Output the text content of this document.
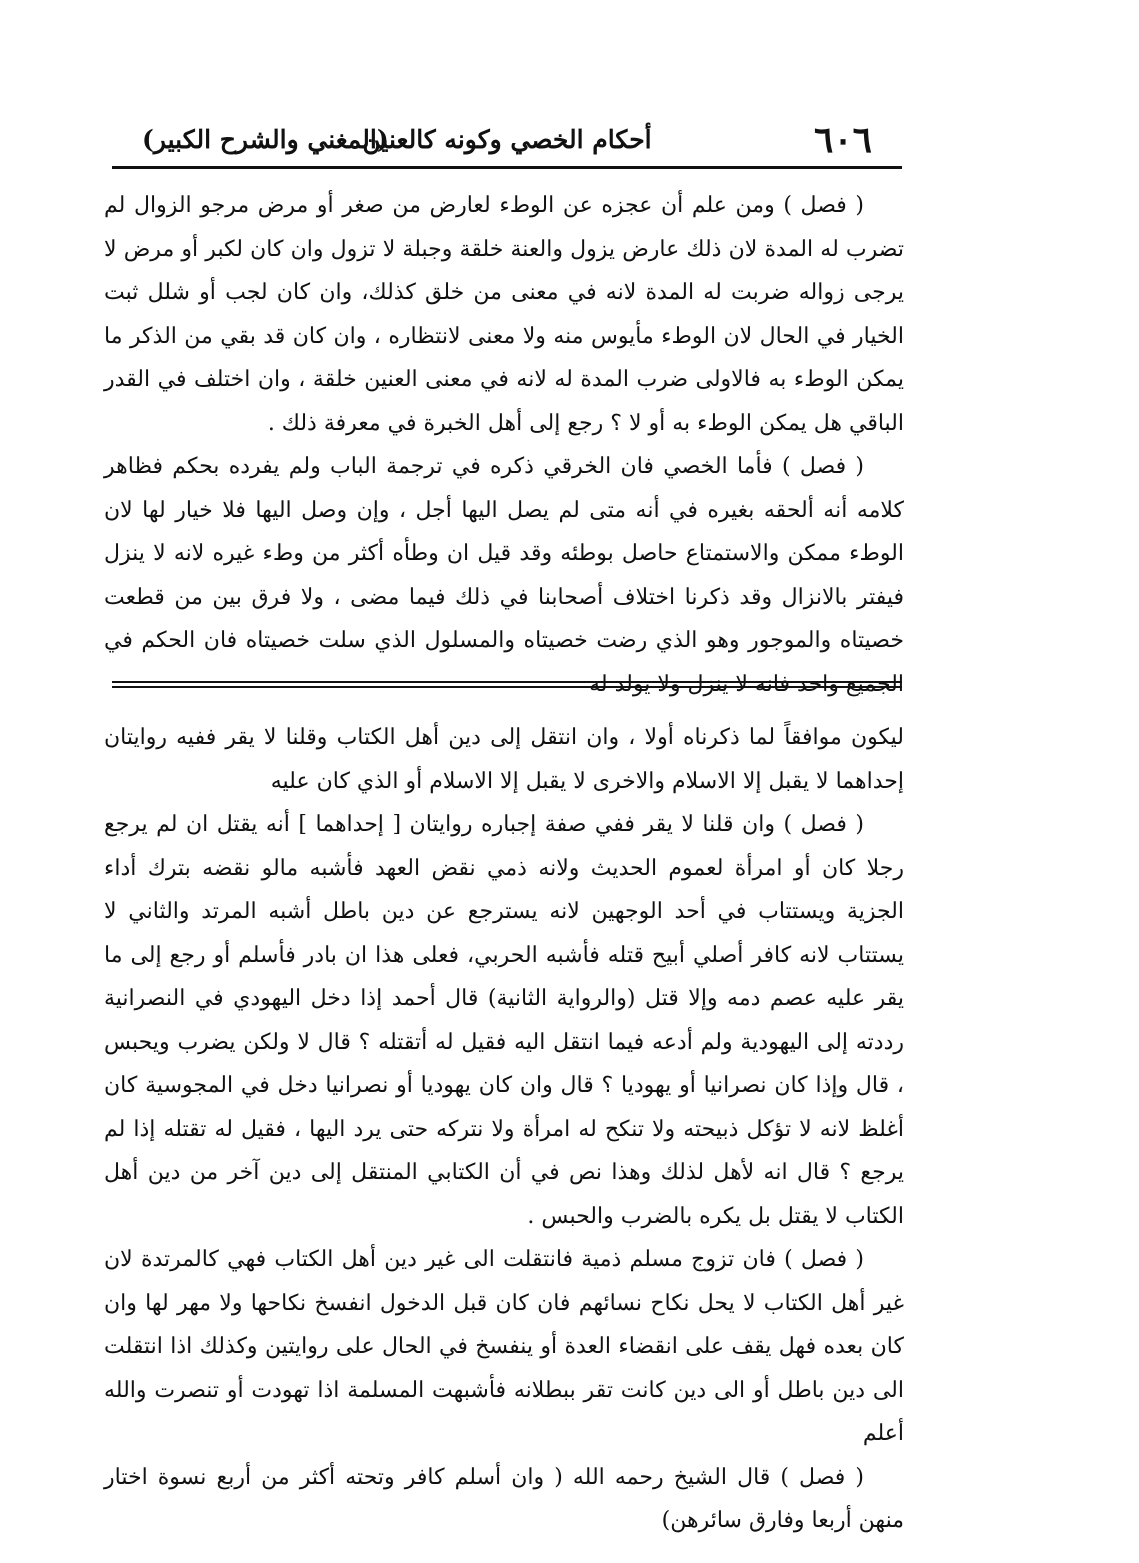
٦٠٦
أحكام الخصي وكونه كالعنين
(المغني والشرح الكبير)

( فصل ) ومن علم أن عجزه عن الوطء لعارض من صغر أو مرض مرجو الزوال لم تضرب له المدة لان ذلك عارض يزول والعنة خلقة وجبلة لا تزول وان كان لكبر أو مرض لا يرجى زواله ضربت له المدة لانه في معنى من خلق كذلك، وان كان لجب أو شلل ثبت الخيار في الحال لان الوطء مأيوس منه ولا معنى لانتظاره ، وان كان قد بقي من الذكر ما يمكن الوطء به فالاولى ضرب المدة له لانه في معنى العنين خلقة ، وان اختلف في القدر الباقي هل يمكن الوطء به أو لا ؟ رجع إلى أهل الخبرة في معرفة ذلك .

( فصل ) فأما الخصي فان الخرقي ذكره في ترجمة الباب ولم يفرده بحكم فظاهر كلامه أنه ألحقه بغيره في أنه متى لم يصل اليها أجل ، وإن وصل اليها فلا خيار لها لان الوطء ممكن والاستمتاع حاصل بوطئه وقد قيل ان وطأه أكثر من وطء غيره لانه لا ينزل فيفتر بالانزال وقد ذكرنا اختلاف أصحابنا في ذلك فيما مضى ، ولا فرق بين من قطعت خصيتاه والموجور وهو الذي رضت خصيتاه والمسلول الذي سلت خصيتاه فان الحكم في الجميع واحد فانه لا ينزل ولا يولد له

ليكون موافقاً لما ذكرناه أولا ، وان انتقل إلى دين أهل الكتاب وقلنا لا يقر ففيه روايتان إحداهما لا يقبل إلا الاسلام والاخرى لا يقبل إلا الاسلام أو الذي كان عليه

( فصل ) وان قلنا لا يقر ففي صفة إجباره روايتان [ إحداهما ] أنه يقتل ان لم يرجع رجلا كان أو امرأة لعموم الحديث ولانه ذمي نقض العهد فأشبه مالو نقضه بترك أداء الجزية ويستتاب في أحد الوجهين لانه يسترجع عن دين باطل أشبه المرتد والثاني لا يستتاب لانه كافر أصلي أبيح قتله فأشبه الحربي، فعلى هذا ان بادر فأسلم أو رجع إلى ما يقر عليه عصم دمه وإلا قتل (والرواية الثانية) قال أحمد إذا دخل اليهودي في النصرانية رددته إلى اليهودية ولم أدعه فيما انتقل اليه فقيل له أتقتله ؟ قال لا ولكن يضرب ويحبس ، قال وإذا كان نصرانيا أو يهوديا ؟ قال وان كان يهوديا أو نصرانيا دخل في المجوسية كان أغلظ لانه لا تؤكل ذبيحته ولا تنكح له امرأة ولا نتركه حتى يرد اليها ، فقيل له تقتله إذا لم يرجع ؟ قال انه لأهل لذلك وهذا نص في أن الكتابي المنتقل إلى دين آخر من دين أهل الكتاب لا يقتل بل يكره بالضرب والحبس .

( فصل ) فان تزوج مسلم ذمية فانتقلت الى غير دين أهل الكتاب فهي كالمرتدة لان غير أهل الكتاب لا يحل نكاح نسائهم فان كان قبل الدخول انفسخ نكاحها ولا مهر لها وان كان بعده فهل يقف على انقضاء العدة أو ينفسخ في الحال على روايتين وكذلك اذا انتقلت الى دين باطل أو الى دين كانت تقر ببطلانه فأشبهت المسلمة اذا تهودت أو تنصرت والله أعلم

( فصل ) قال الشيخ رحمه الله ( وان أسلم كافر وتحته أكثر من أربع نسوة اختار منهن أربعا وفارق سائرهن)
